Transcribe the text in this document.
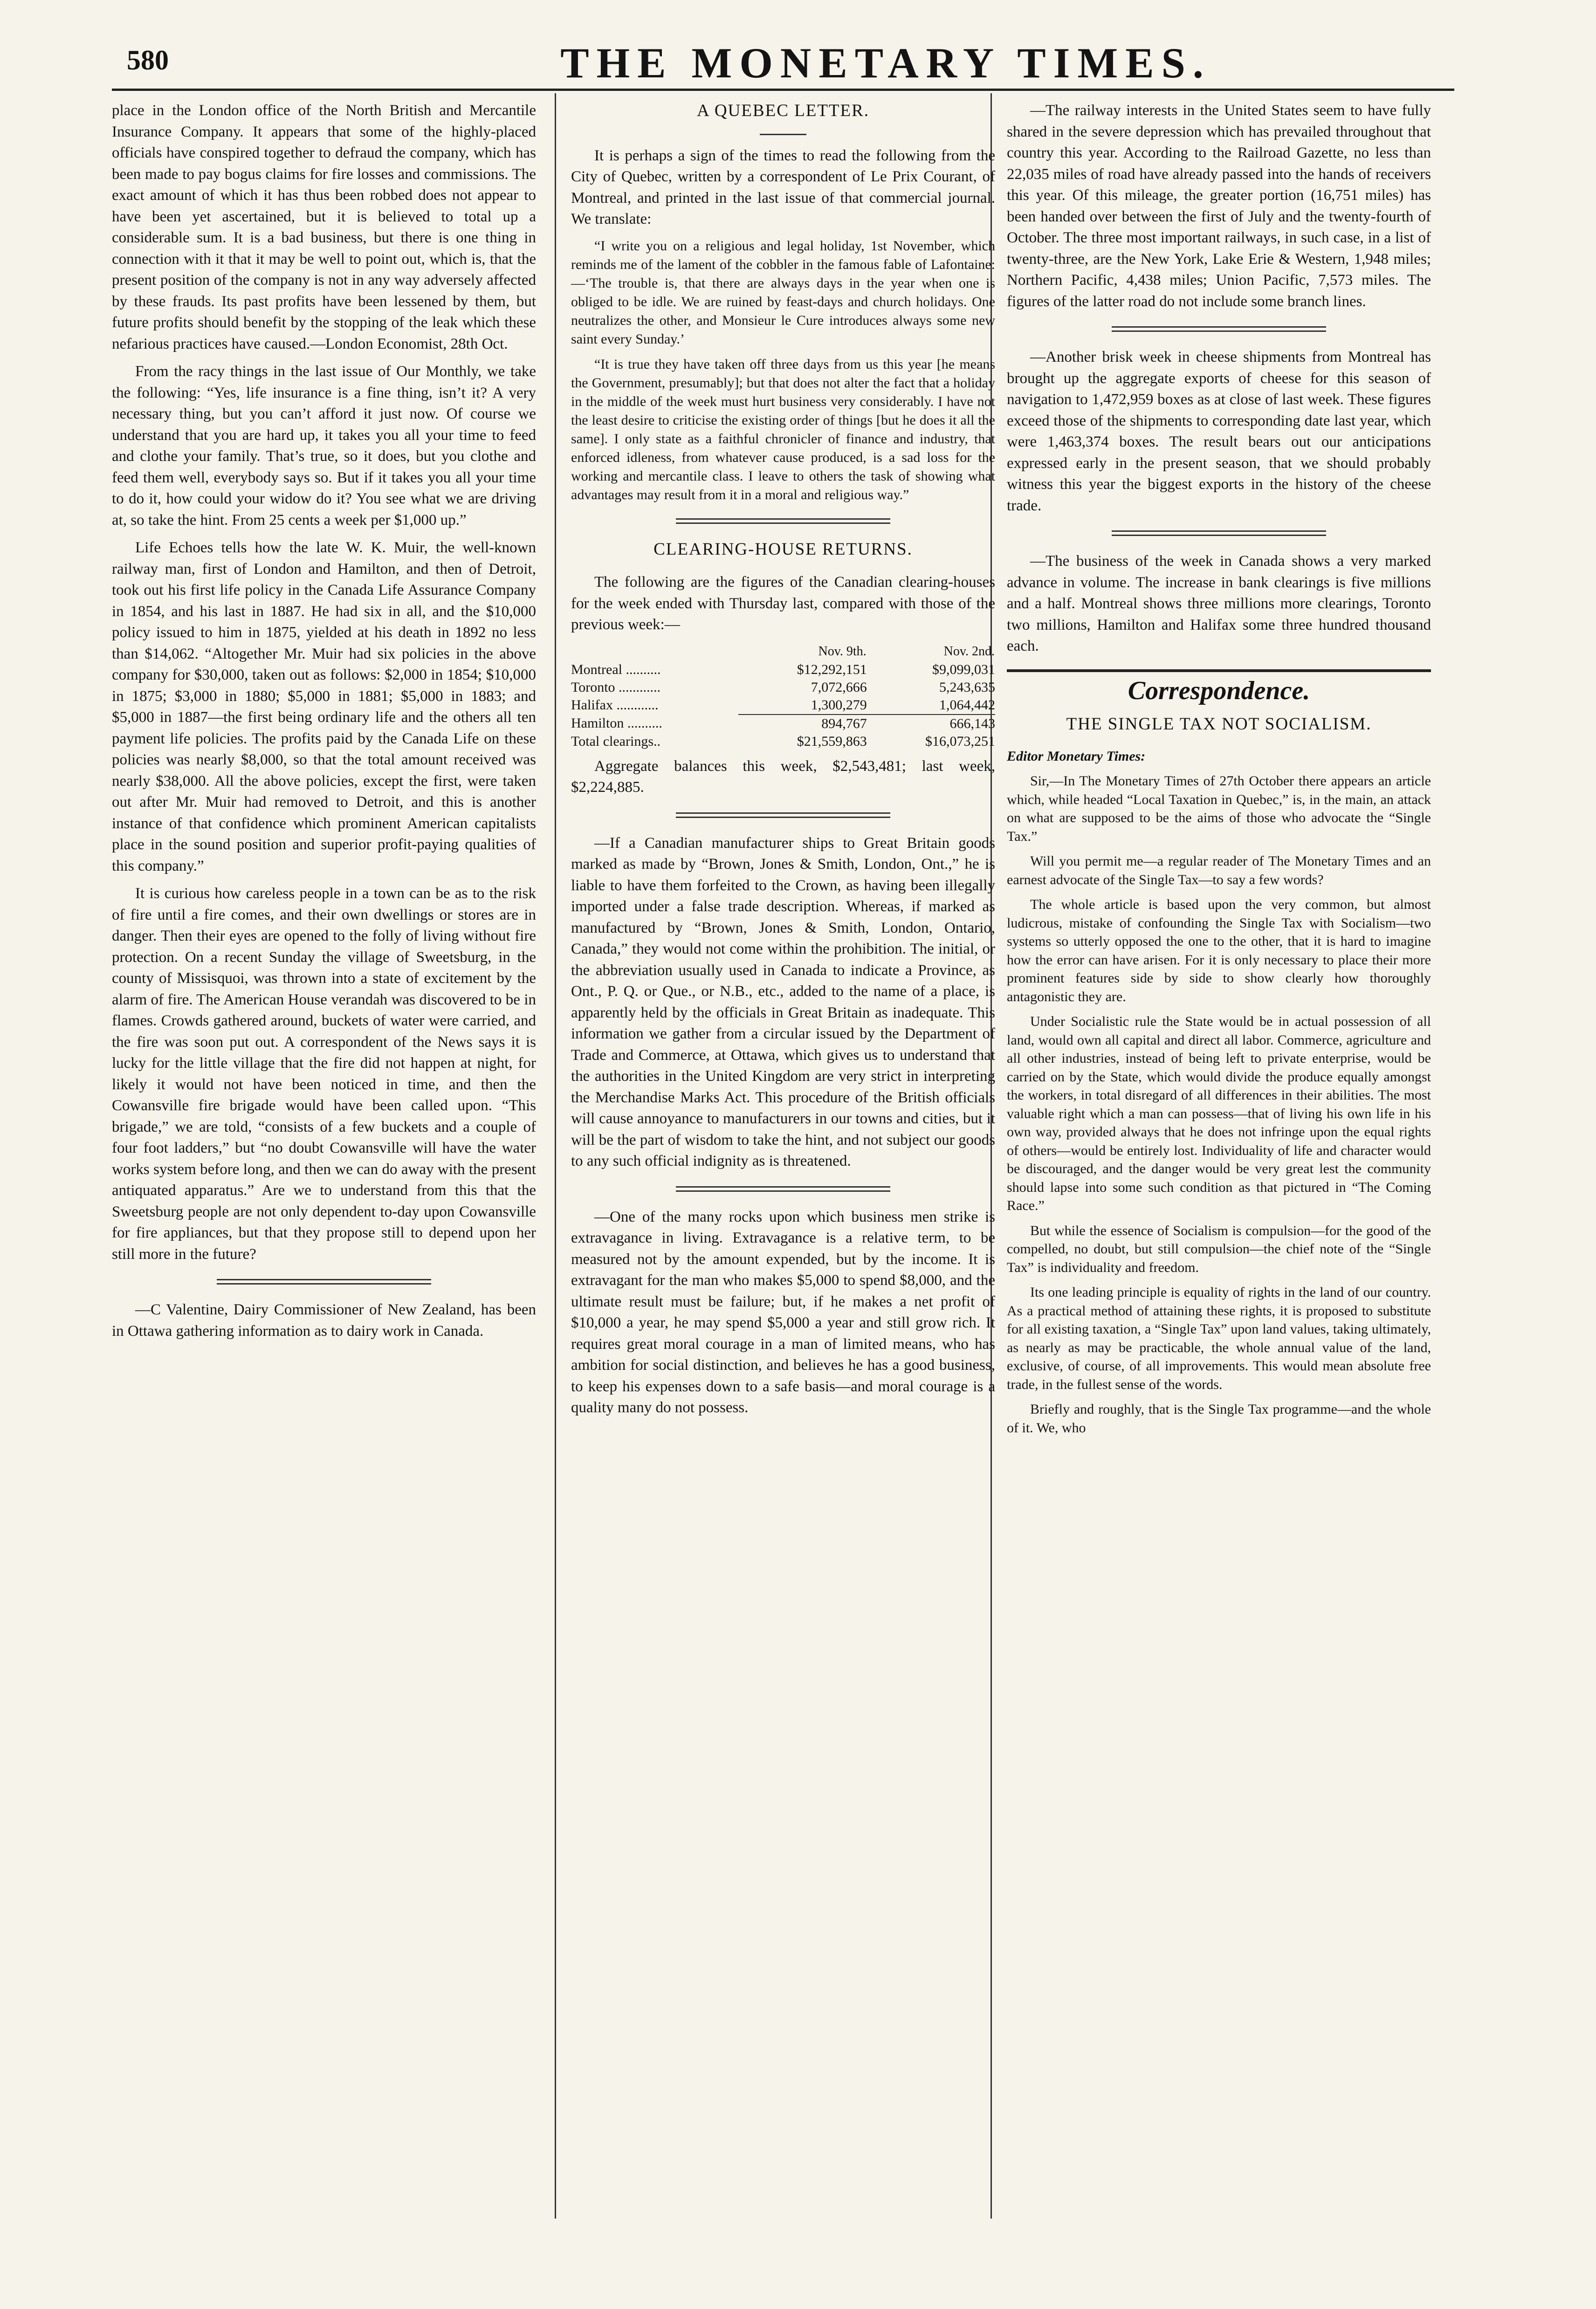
580	THE MONETARY TIMES.

place in the London office of the North British and Mercantile Insurance Company. It appears that some of the highly-placed officials have conspired together to defraud the company, which has been made to pay bogus claims for fire losses and commissions. The exact amount of which it has thus been robbed does not appear to have been yet ascertained, but it is believed to total up a considerable sum. It is a bad business, but there is one thing in connection with it that it may be well to point out, which is, that the present position of the company is not in any way adversely affected by these frauds. Its past profits have been lessened by them, but future profits should benefit by the stopping of the leak which these nefarious practices have caused.—London Economist, 28th Oct.

From the racy things in the last issue of Our Monthly, we take the following: “Yes, life insurance is a fine thing, isn’t it? A very necessary thing, but you can’t afford it just now. Of course we understand that you are hard up, it takes you all your time to feed and clothe your family. That’s true, so it does, but you clothe and feed them well, everybody says so. But if it takes you all your time to do it, how could your widow do it? You see what we are driving at, so take the hint. From 25 cents a week per $1,000 up.”

Life Echoes tells how the late W. K. Muir, the well-known railway man, first of London and Hamilton, and then of Detroit, took out his first life policy in the Canada Life Assurance Company in 1854, and his last in 1887. He had six in all, and the $10,000 policy issued to him in 1875, yielded at his death in 1892 no less than $14,062. “Altogether Mr. Muir had six policies in the above company for $30,000, taken out as follows: $2,000 in 1854; $10,000 in 1875; $3,000 in 1880; $5,000 in 1881; $5,000 in 1883; and $5,000 in 1887—the first being ordinary life and the others all ten payment life policies. The profits paid by the Canada Life on these policies was nearly $8,000, so that the total amount received was nearly $38,000. All the above policies, except the first, were taken out after Mr. Muir had removed to Detroit, and this is another instance of that confidence which prominent American capitalists place in the sound position and superior profit-paying qualities of this company.”

It is curious how careless people in a town can be as to the risk of fire until a fire comes, and their own dwellings or stores are in danger. Then their eyes are opened to the folly of living without fire protection. On a recent Sunday the village of Sweetsburg, in the county of Missisquoi, was thrown into a state of excitement by the alarm of fire. The American House verandah was discovered to be in flames. Crowds gathered around, buckets of water were carried, and the fire was soon put out. A correspondent of the News says it is lucky for the little village that the fire did not happen at night, for likely it would not have been noticed in time, and then the Cowansville fire brigade would have been called upon. “This brigade,” we are told, “consists of a few buckets and a couple of four foot ladders,” but “no doubt Cowansville will have the water works system before long, and then we can do away with the present antiquated apparatus.” Are we to understand from this that the Sweetsburg people are not only dependent to-day upon Cowansville for fire appliances, but that they propose still to depend upon her still more in the future?

—C Valentine, Dairy Commissioner of New Zealand, has been in Ottawa gathering information as to dairy work in Canada.

A QUEBEC LETTER.

It is perhaps a sign of the times to read the following from the City of Quebec, written by a correspondent of Le Prix Courant, of Montreal, and printed in the last issue of that commercial journal. We translate:

“I write you on a religious and legal holiday, 1st November, which reminds me of the lament of the cobbler in the famous fable of Lafontaine:—‘The trouble is, that there are always days in the year when one is obliged to be idle. We are ruined by feast-days and church holidays. One neutralizes the other, and Monsieur le Cure introduces always some new saint every Sunday.’

“It is true they have taken off three days from us this year [he means the Government, presumably]; but that does not alter the fact that a holiday in the middle of the week must hurt business very considerably. I have not the least desire to criticise the existing order of things [but he does it all the same]. I only state as a faithful chronicler of finance and industry, that enforced idleness, from whatever cause produced, is a sad loss for the working and mercantile class. I leave to others the task of showing what advantages may result from it in a moral and religious way.”

CLEARING-HOUSE RETURNS.

The following are the figures of the Canadian clearing-houses for the week ended with Thursday last, compared with those of the previous week:—

	Nov. 9th.	Nov. 2nd.
Montreal ..........	$12,292,151	$9,099,031
Toronto ............	7,072,666	5,243,635
Halifax ............	1,300,279	1,064,442
Hamilton ..........	894,767	666,143
Total clearings..	$21,559,863	$16,073,251

Aggregate balances this week, $2,543,481; last week, $2,224,885.

—If a Canadian manufacturer ships to Great Britain goods marked as made by “Brown, Jones & Smith, London, Ont.,” he is liable to have them forfeited to the Crown, as having been illegally imported under a false trade description. Whereas, if marked as manufactured by “Brown, Jones & Smith, London, Ontario, Canada,” they would not come within the prohibition. The initial, or the abbreviation usually used in Canada to indicate a Province, as Ont., P. Q. or Que., or N.B., etc., added to the name of a place, is apparently held by the officials in Great Britain as inadequate. This information we gather from a circular issued by the Department of Trade and Commerce, at Ottawa, which gives us to understand that the authorities in the United Kingdom are very strict in interpreting the Merchandise Marks Act. This procedure of the British officials will cause annoyance to manufacturers in our towns and cities, but it will be the part of wisdom to take the hint, and not subject our goods to any such official indignity as is threatened.

—One of the many rocks upon which business men strike is extravagance in living. Extravagance is a relative term, to be measured not by the amount expended, but by the income. It is extravagant for the man who makes $5,000 to spend $8,000, and the ultimate result must be failure; but, if he makes a net profit of $10,000 a year, he may spend $5,000 a year and still grow rich. It requires great moral courage in a man of limited means, who has ambition for social distinction, and believes he has a good business, to keep his expenses down to a safe basis—and moral courage is a quality many do not possess.

—The railway interests in the United States seem to have fully shared in the severe depression which has prevailed throughout that country this year. According to the Railroad Gazette, no less than 22,035 miles of road have already passed into the hands of receivers this year. Of this mileage, the greater portion (16,751 miles) has been handed over between the first of July and the twenty-fourth of October. The three most important railways, in such case, in a list of twenty-three, are the New York, Lake Erie & Western, 1,948 miles; Northern Pacific, 4,438 miles; Union Pacific, 7,573 miles. The figures of the latter road do not include some branch lines.

—Another brisk week in cheese shipments from Montreal has brought up the aggregate exports of cheese for this season of navigation to 1,472,959 boxes as at close of last week. These figures exceed those of the shipments to corresponding date last year, which were 1,463,374 boxes. The result bears out our anticipations expressed early in the present season, that we should probably witness this year the biggest exports in the history of the cheese trade.

—The business of the week in Canada shows a very marked advance in volume. The increase in bank clearings is five millions and a half. Montreal shows three millions more clearings, Toronto two millions, Hamilton and Halifax some three hundred thousand each.

Correspondence.

THE SINGLE TAX NOT SOCIALISM.

Editor Monetary Times:

Sir,—In The Monetary Times of 27th October there appears an article which, while headed “Local Taxation in Quebec,” is, in the main, an attack on what are supposed to be the aims of those who advocate the “Single Tax.”

Will you permit me—a regular reader of The Monetary Times and an earnest advocate of the Single Tax—to say a few words?

The whole article is based upon the very common, but almost ludicrous, mistake of confounding the Single Tax with Socialism—two systems so utterly opposed the one to the other, that it is hard to imagine how the error can have arisen. For it is only necessary to place their more prominent features side by side to show clearly how thoroughly antagonistic they are.

Under Socialistic rule the State would be in actual possession of all land, would own all capital and direct all labor. Commerce, agriculture and all other industries, instead of being left to private enterprise, would be carried on by the State, which would divide the produce equally amongst the workers, in total disregard of all differences in their abilities. The most valuable right which a man can possess—that of living his own life in his own way, provided always that he does not infringe upon the equal rights of others—would be entirely lost. Individuality of life and character would be discouraged, and the danger would be very great lest the community should lapse into some such condition as that pictured in “The Coming Race.”

But while the essence of Socialism is compulsion—for the good of the compelled, no doubt, but still compulsion—the chief note of the “Single Tax” is individuality and freedom.

Its one leading principle is equality of rights in the land of our country. As a practical method of attaining these rights, it is proposed to substitute for all existing taxation, a “Single Tax” upon land values, taking ultimately, as nearly as may be practicable, the whole annual value of the land, exclusive, of course, of all improvements. This would mean absolute free trade, in the fullest sense of the words.

Briefly and roughly, that is the Single Tax programme—and the whole of it. We, who
